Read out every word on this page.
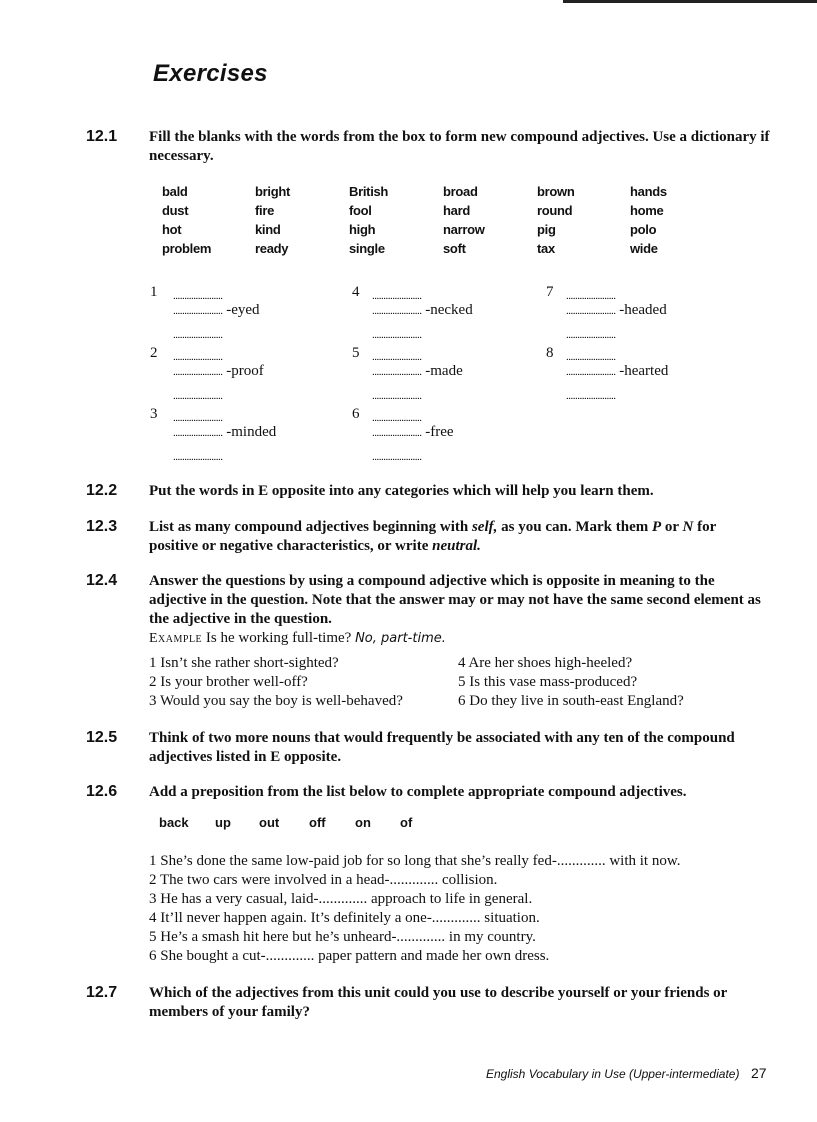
Exercises
12.1	Fill the blanks with the words from the box to form new compound adjectives. Use a dictionary if necessary.
bald	bright	British	broad	brown	hands
dust	fire	fool	hard	round	home
hot	kind	high	narrow	pig	polo
problem	ready	single	soft	tax	wide
1 ......................
...................... -eyed
......................
2 ......................
...................... -proof
......................
3 ......................
...................... -minded
......................
4 ......................
...................... -necked
......................
5 ......................
...................... -made
......................
6 ......................
...................... -free
......................
7 ......................
...................... -headed
......................
8 ......................
...................... -hearted
......................
12.2	Put the words in E opposite into any categories which will help you learn them.
12.3	List as many compound adjectives beginning with self, as you can. Mark them P or N for positive or negative characteristics, or write neutral.
12.4	Answer the questions by using a compound adjective which is opposite in meaning to the adjective in the question. Note that the answer may or may not have the same second element as the adjective in the question.
Example Is he working full-time? No, part-time.
1 Isn’t she rather short-sighted?
2 Is your brother well-off?
3 Would you say the boy is well-behaved?
4 Are her shoes high-heeled?
5 Is this vase mass-produced?
6 Do they live in south-east England?
12.5	Think of two more nouns that would frequently be associated with any ten of the compound adjectives listed in E opposite.
12.6	Add a preposition from the list below to complete appropriate compound adjectives.
back up out off on of
1 She’s done the same low-paid job for so long that she’s really fed-............. with it now.
2 The two cars were involved in a head-............. collision.
3 He has a very casual, laid-............. approach to life in general.
4 It’ll never happen again. It’s definitely a one-............. situation.
5 He’s a smash hit here but he’s unheard-............. in my country.
6 She bought a cut-............. paper pattern and made her own dress.
12.7	Which of the adjectives from this unit could you use to describe yourself or your friends or members of your family?
English Vocabulary in Use (Upper-intermediate) 27
